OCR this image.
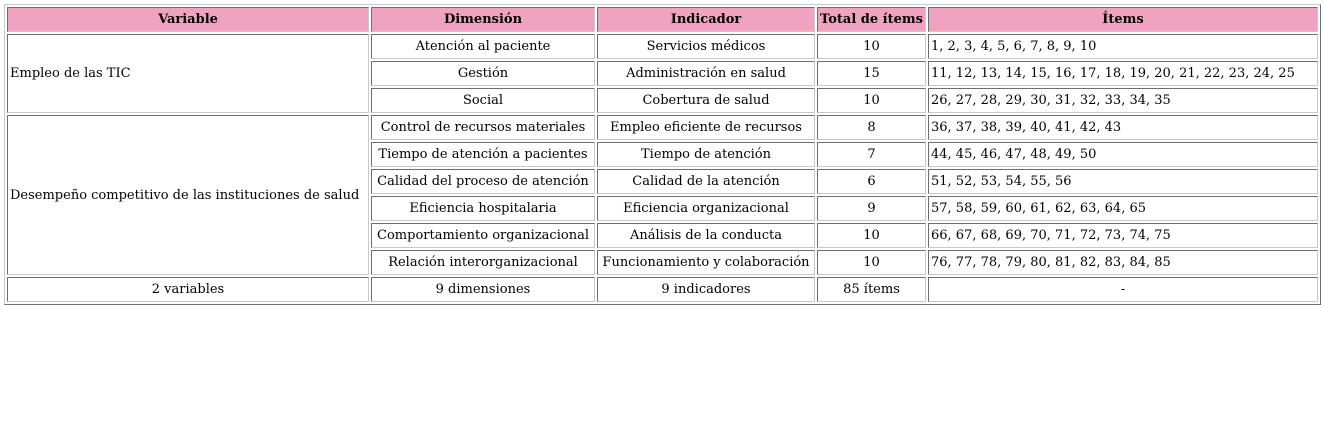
Variable	Dimensión	Indicador	Total de ítems	Ítems
Empleo de las TIC	Atención al paciente	Servicios médicos	10	1, 2, 3, 4, 5, 6, 7, 8, 9, 10
	Gestión	Administración en salud	15	11, 12, 13, 14, 15, 16, 17, 18, 19, 20, 21, 22, 23, 24, 25
	Social	Cobertura de salud	10	26, 27, 28, 29, 30, 31, 32, 33, 34, 35
Desempeño competitivo de las instituciones de salud	Control de recursos materiales	Empleo eficiente de recursos	8	36, 37, 38, 39, 40, 41, 42, 43
	Tiempo de atención a pacientes	Tiempo de atención	7	44, 45, 46, 47, 48, 49, 50
	Calidad del proceso de atención	Calidad de la atención	6	51, 52, 53, 54, 55, 56
	Eficiencia hospitalaria	Eficiencia organizacional	9	57, 58, 59, 60, 61, 62, 63, 64, 65
	Comportamiento organizacional	Análisis de la conducta	10	66, 67, 68, 69, 70, 71, 72, 73, 74, 75
	Relación interorganizacional	Funcionamiento y colaboración	10	76, 77, 78, 79, 80, 81, 82, 83, 84, 85
2 variables	9 dimensiones	9 indicadores	85 ítems	-
